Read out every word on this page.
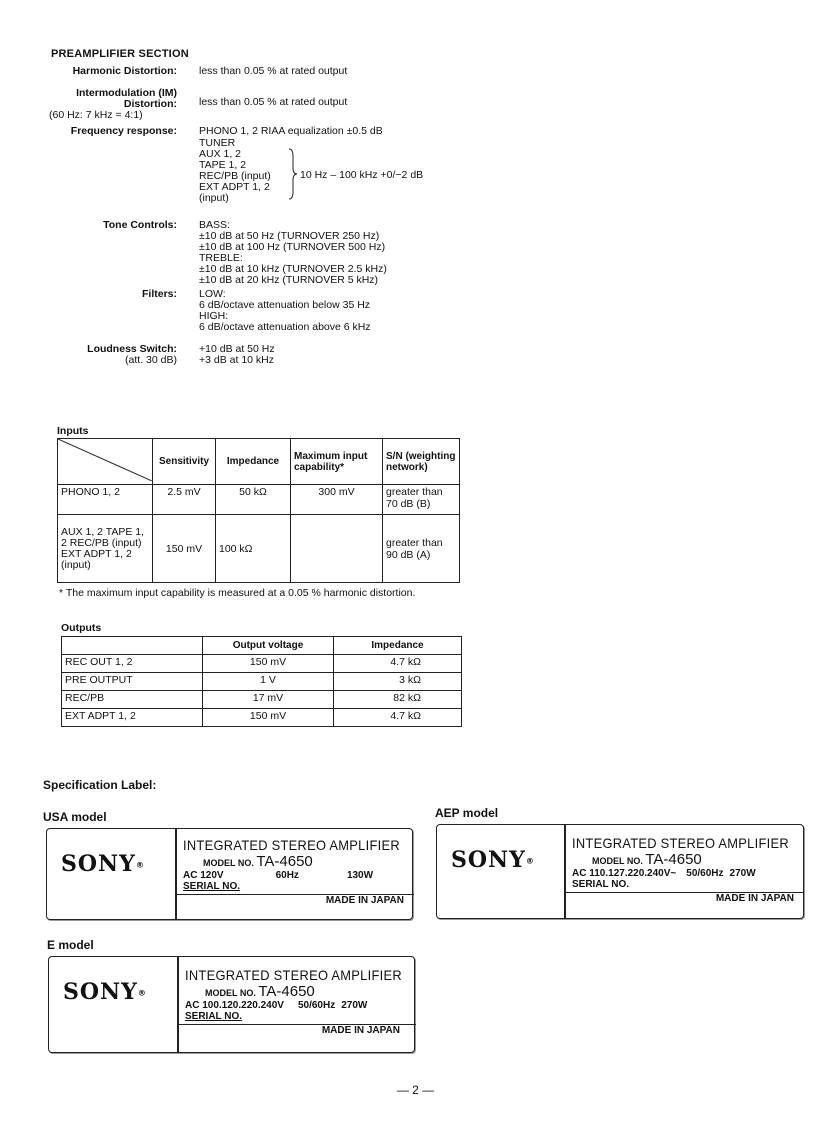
PREAMPLIFIER SECTION
Harmonic Distortion: less than 0.05 % at rated output
Intermodulation (IM)
Distortion:
(60 Hz: 7 kHz = 4:1)
less than 0.05 % at rated output
Frequency response: PHONO 1, 2 RIAA equalization ±0.5 dB
TUNER
AUX 1, 2
TAPE 1, 2
REC/PB (input)
EXT ADPT 1, 2
(input)
10 Hz – 100 kHz +0/−2 dB
Tone Controls: BASS:
±10 dB at 50 Hz (TURNOVER 250 Hz)
±10 dB at 100 Hz (TURNOVER 500 Hz)
TREBLE:
±10 dB at 10 kHz (TURNOVER 2.5 kHz)
±10 dB at 20 kHz (TURNOVER 5 kHz)
Filters: LOW:
6 dB/octave attenuation below 35 Hz
HIGH:
6 dB/octave attenuation above 6 kHz
Loudness Switch:
(att. 30 dB)
+10 dB at 50 Hz
+3 dB at 10 kHz
Inputs
	Sensitivity	Impedance	Maximum input capability*	S/N (weighting network)
PHONO 1, 2	2.5 mV	50 kΩ	300 mV	greater than 70 dB (B)
AUX 1, 2 TAPE 1, 2 REC/PB (input) EXT ADPT 1, 2 (input)	150 mV	100 kΩ		greater than 90 dB (A)
* The maximum input capability is measured at a 0.05 % harmonic distortion.
Outputs
	Output voltage	Impedance
REC OUT 1, 2	150 mV	4.7 kΩ
PRE OUTPUT	1 V	3 kΩ
REC/PB	17 mV	82 kΩ
EXT ADPT 1, 2	150 mV	4.7 kΩ
Specification Label:
USA model
SONY®
INTEGRATED STEREO AMPLIFIER
MODEL NO. TA-4650
AC 120V	60Hz	130W
SERIAL NO.
MADE IN JAPAN
AEP model
SONY®
INTEGRATED STEREO AMPLIFIER
MODEL NO. TA-4650
AC 110.127.220.240V~ 50/60Hz 270W
SERIAL NO.
MADE IN JAPAN
E model
SONY®
INTEGRATED STEREO AMPLIFIER
MODEL NO. TA-4650
AC 100.120.220.240V 50/60Hz 270W
SERIAL NO.
MADE IN JAPAN
— 2 —
